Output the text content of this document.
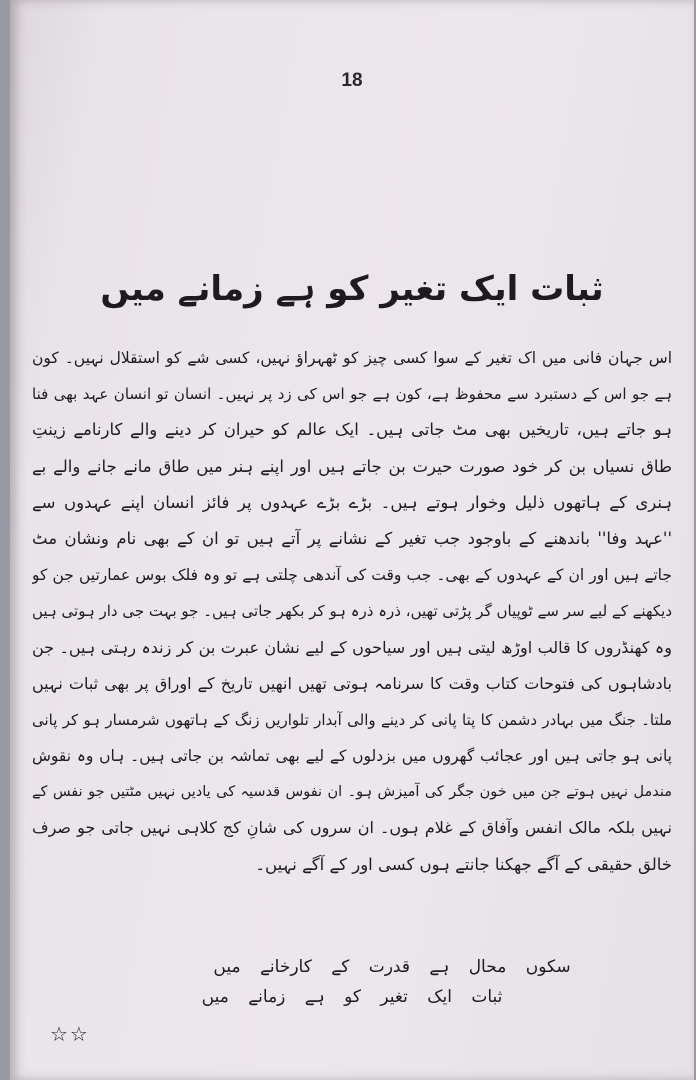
18
ثبات ایک تغیر کو ہے زمانے میں
اس جہان فانی میں اک تغیر کے سوا کسی چیز کو ٹھہراؤ نہیں، کسی شے کو استقلال نہیں۔ کون
ہے جو اس کے دستبرد سے محفوظ ہے، کون ہے جو اس کی زد پر نہیں۔ انسان تو انسان عہد بھی فنا
ہو جاتے ہیں، تاریخیں بھی مٹ جاتی ہیں۔ ایک عالم کو حیران کر دینے والے کارنامے زینتِ
طاق نسیاں بن کر خود صورت حیرت بن جاتے ہیں اور اپنے ہنر میں طاق مانے جانے والے بے
ہنری کے ہاتھوں ذلیل وخوار ہوتے ہیں۔ بڑے بڑے عہدوں پر فائز انسان اپنے عہدوں سے
''عہد وفا'' باندھنے کے باوجود جب تغیر کے نشانے پر آتے ہیں تو ان کے بھی نام ونشان مٹ
جاتے ہیں اور ان کے عہدوں کے بھی۔ جب وقت کی آندھی چلتی ہے تو وہ فلک بوس عمارتیں جن کو
دیکھنے کے لیے سر سے ٹوپیاں گر پڑتی تھیں، ذرہ ذرہ ہو کر بکھر جاتی ہیں۔ جو بہت جی دار ہوتی ہیں
وہ کھنڈروں کا قالب اوڑھ لیتی ہیں اور سیاحوں کے لیے نشان عبرت بن کر زندہ رہتی ہیں۔ جن
بادشاہوں کی فتوحات کتاب وقت کا سرنامہ ہوتی تھیں انھیں تاریخ کے اوراق پر بھی ثبات نہیں
ملتا۔ جنگ میں بہادر دشمن کا پتا پانی کر دینے والی آبدار تلواریں زنگ کے ہاتھوں شرمسار ہو کر پانی
پانی ہو جاتی ہیں اور عجائب گھروں میں بزدلوں کے لیے بھی تماشہ بن جاتی ہیں۔ ہاں وہ نقوش
مندمل نہیں ہوتے جن میں خون جگر کی آمیزش ہو۔ ان نفوس قدسیہ کی یادیں نہیں مٹتیں جو نفس کے
نہیں بلکہ مالک انفس وآفاق کے غلام ہوں۔ ان سروں کی شانِ کج کلاہی نہیں جاتی جو صرف
خالق حقیقی کے آگے جھکنا جانتے ہوں کسی اور کے آگے نہیں۔
سکوں محال ہے قدرت کے کارخانے میں
ثبات ایک تغیر کو ہے زمانے میں
☆☆
